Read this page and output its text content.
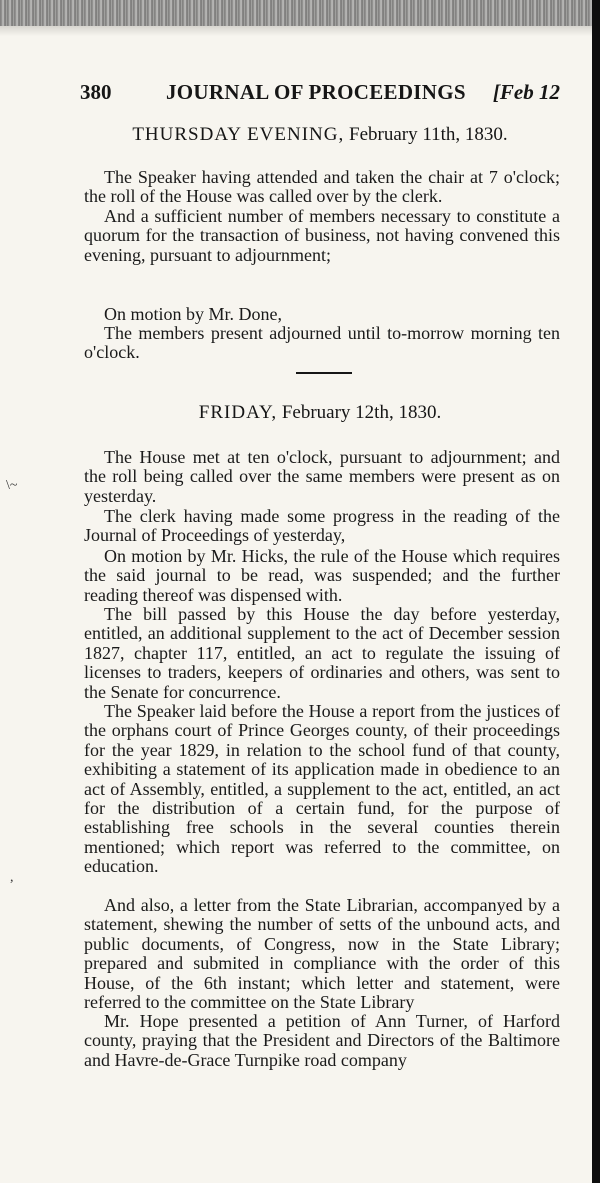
380	JOURNAL OF PROCEEDINGS [Feb 12
THURSDAY EVENING, February 11th, 1830.

The Speaker having attended and taken the chair at 7 o'clock; the roll of the House was called over by the clerk.

And a sufficient number of members necessary to constitute a quorum for the transaction of business, not having convened this evening, pursuant to adjournment;

On motion by Mr. Done,

The members present adjourned until to-morrow morning ten o'clock.

FRIDAY, February 12th, 1830.

The House met at ten o'clock, pursuant to adjournment; and the roll being called over the same members were present as on yesterday.

The clerk having made some progress in the reading of the Journal of Proceedings of yesterday,

On motion by Mr. Hicks, the rule of the House which requires the said journal to be read, was suspended; and the further reading thereof was dispensed with.

The bill passed by this House the day before yesterday, entitled, an additional supplement to the act of December session 1827, chapter 117, entitled, an act to regulate the issuing of licenses to traders, keepers of ordinaries and others, was sent to the Senate for concurrence.

The Speaker laid before the House a report from the justices of the orphans court of Prince Georges county, of their proceedings for the year 1829, in relation to the school fund of that county, exhibiting a statement of its application made in obedience to an act of Assembly, entitled, a supplement to the act, entitled, an act for the distribution of a certain fund, for the purpose of establishing free schools in the several counties therein mentioned; which report was referred to the committee, on education.

And also, a letter from the State Librarian, accompanyed by a statement, shewing the number of setts of the unbound acts, and public documents, of Congress, now in the State Library; prepared and submited in compliance with the order of this House, of the 6th instant; which letter and statement, were referred to the committee on the State Library

Mr. Hope presented a petition of Ann Turner, of Harford county, praying that the President and Directors of the Baltimore and Havre-de-Grace Turnpike road company

\~
,
